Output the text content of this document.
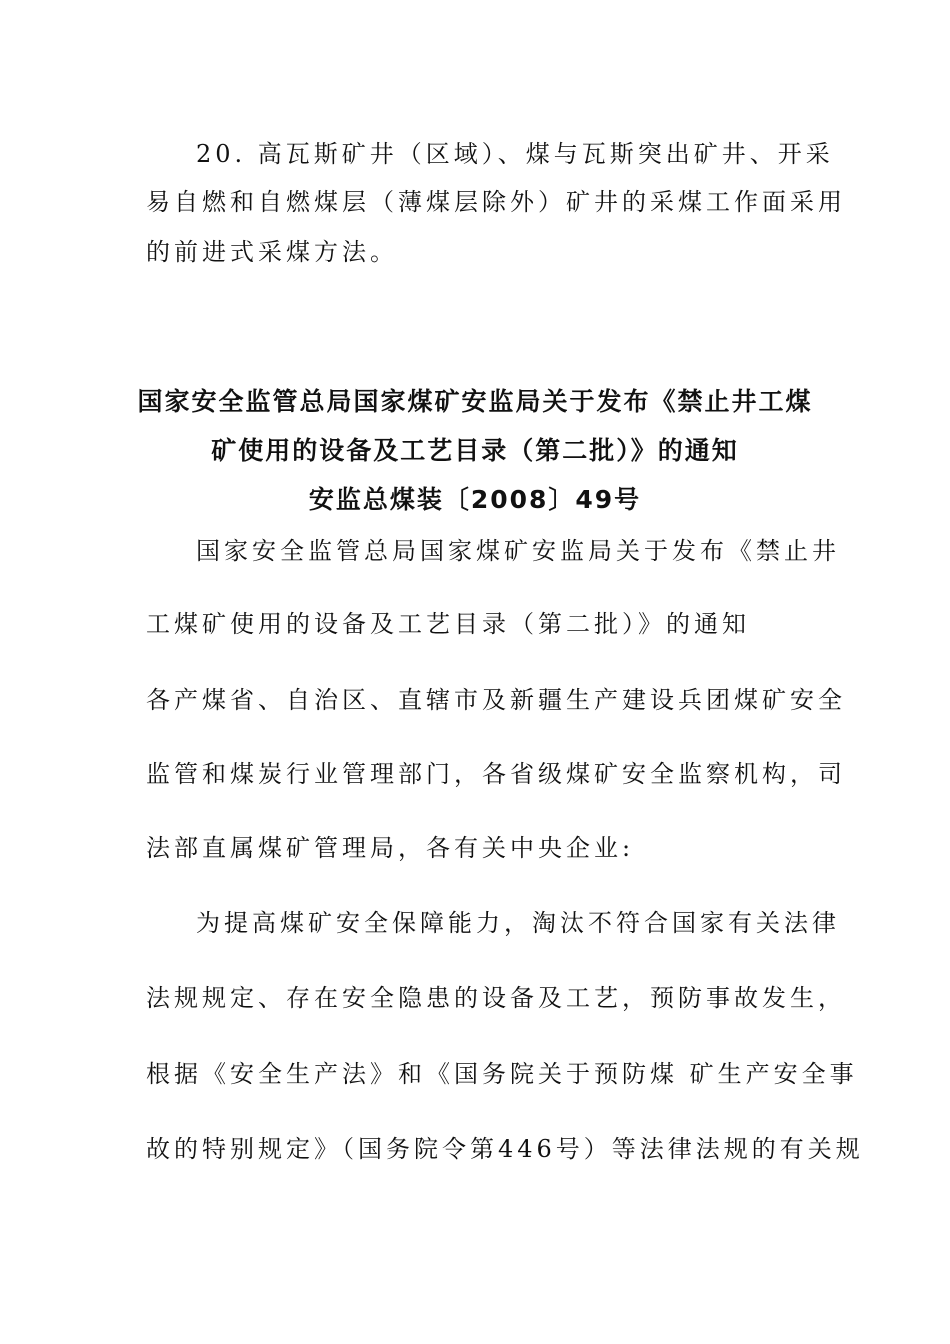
20. 高瓦斯矿井（区域）、煤与瓦斯突出矿井、开采
易自燃和自燃煤层（薄煤层除外）矿井的采煤工作面采用
的前进式采煤方法。
国家安全监管总局国家煤矿安监局关于发布《禁止井工煤
矿使用的设备及工艺目录（第二批）》的通知
安监总煤装〔2008〕49号
国家安全监管总局国家煤矿安监局关于发布《禁止井
工煤矿使用的设备及工艺目录（第二批）》的通知
各产煤省、自治区、直辖市及新疆生产建设兵团煤矿安全
监管和煤炭行业管理部门，各省级煤矿安全监察机构，司
法部直属煤矿管理局，各有关中央企业:
为提高煤矿安全保障能力，淘汰不符合国家有关法律
法规规定、存在安全隐患的设备及工艺，预防事故发生，
根据《安全生产法》和《国务院关于预防煤 矿生产安全事
故的特别规定》（国务院令第446号）等法律法规的有关规
